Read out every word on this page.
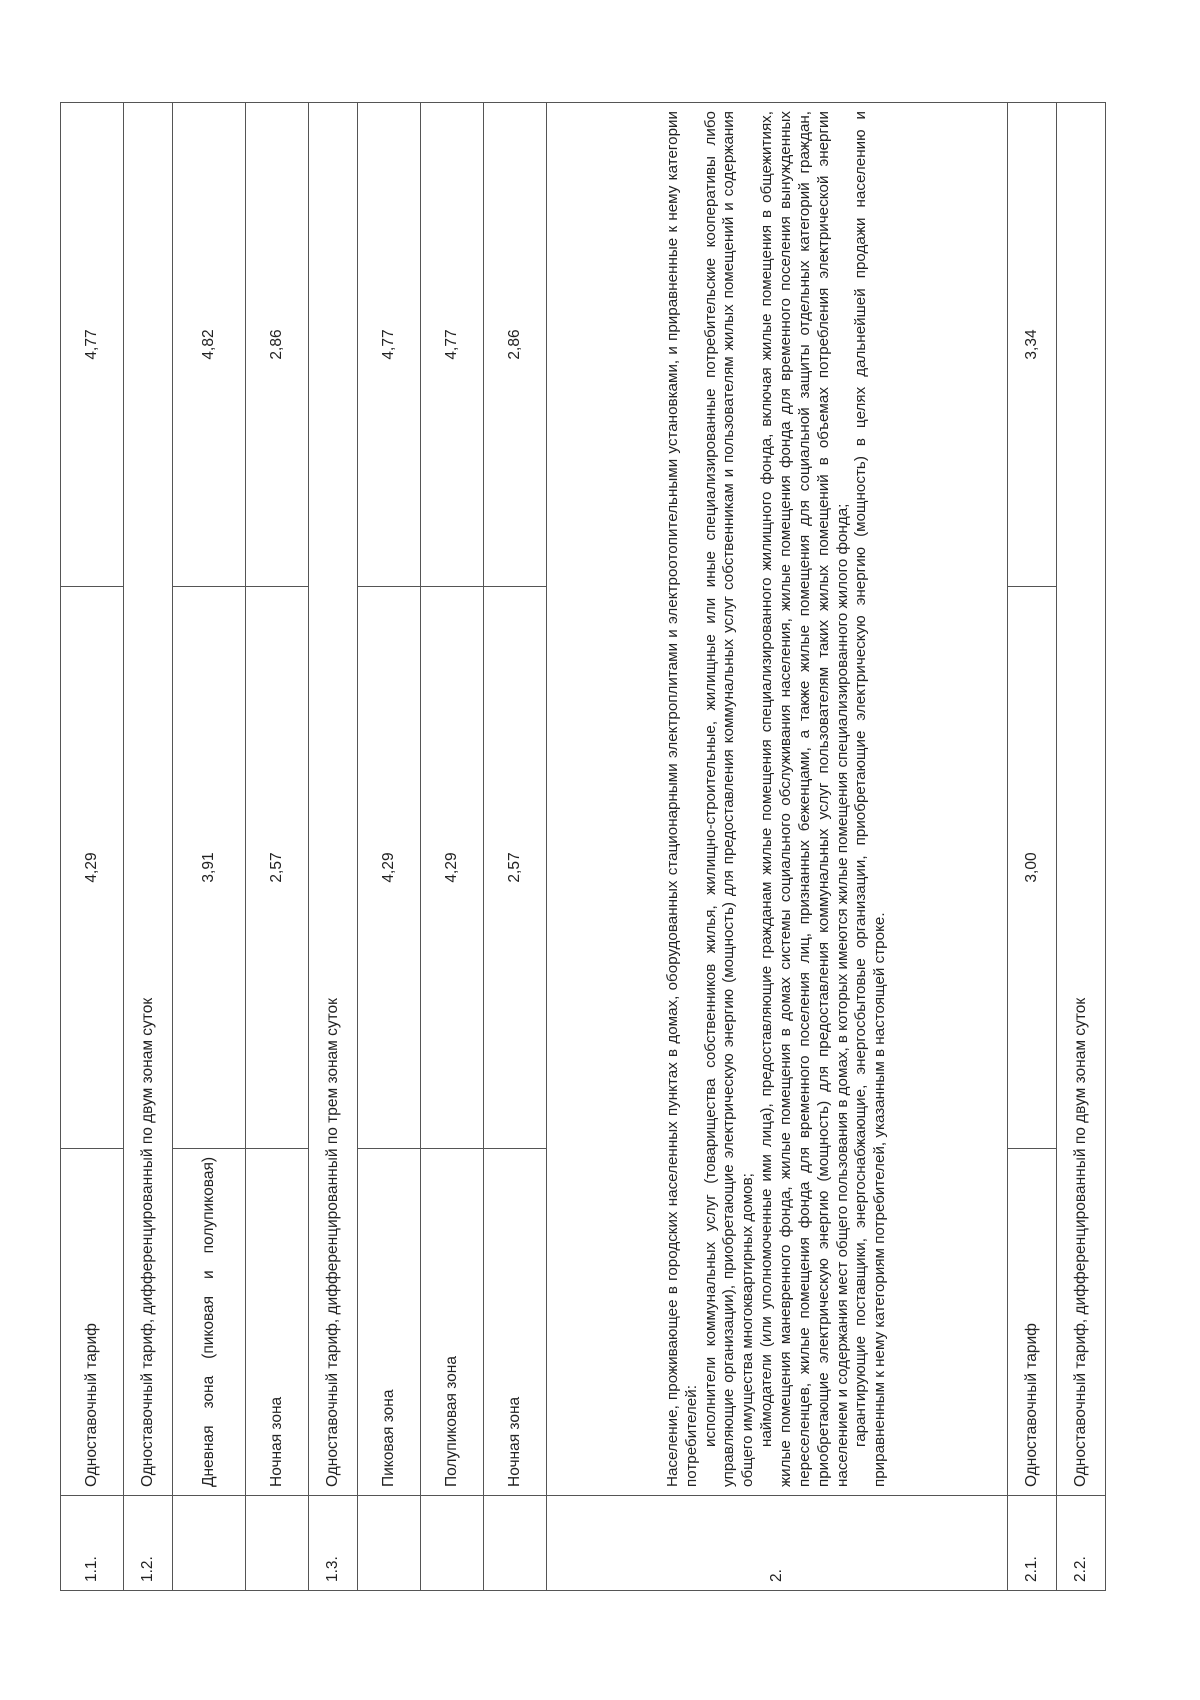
1.1.	Одноставочный тариф	4,29	4,77
1.2.	Одноставочный тариф, дифференцированный по двум зонам суток		
	Дневная зона (пиковая и полупиковая)	3,91	4,82
	Ночная зона	2,57	2,86
1.3.	Одноставочный тариф, дифференцированный по трем зонам суток		
	Пиковая зона	4,29	4,77
	Полупиковая зона	4,29	4,77
	Ночная зона	2,57	2,86
2.	Население, проживающее в городских населенных пунктах в домах, оборудованных стационарными электроплитами и электроотопительными установками, и приравненные к нему категории потребителей: исполнители коммунальных услуг (товарищества собственников жилья, жилищно-строительные, жилищные или иные специализированные потребительские кооперативы либо управляющие организации), приобретающие электрическую энергию (мощность) для предоставления коммунальных услуг собственникам и пользователям жилых помещений и содержания общего имущества многоквартирных домов; наймодатели (или уполномоченные ими лица), предоставляющие гражданам жилые помещения специализированного жилищного фонда, включая жилые помещения в общежитиях, жилые помещения маневренного фонда, жилые помещения в домах системы социального обслуживания населения, жилые помещения фонда для временного поселения вынужденных переселенцев, жилые помещения фонда для временного поселения лиц, признанных беженцами, а также жилые помещения для социальной защиты отдельных категорий граждан, приобретающие электрическую энергию (мощность) для предоставления коммунальных услуг пользователям таких жилых помещений в объемах потребления электрической энергии населением и содержания мест общего пользования в домах, в которых имеются жилые помещения специализированного жилого фонда; гарантирующие поставщики, энергоснабжающие, энергосбытовые организации, приобретающие электрическую энергию (мощность) в целях дальнейшей продажи населению и приравненным к нему категориям потребителей, указанным в настоящей строке.		

2.1.	Одноставочный тариф	3,00	3,34
2.2.	Одноставочный тариф, дифференцированный по двум зонам суток		
